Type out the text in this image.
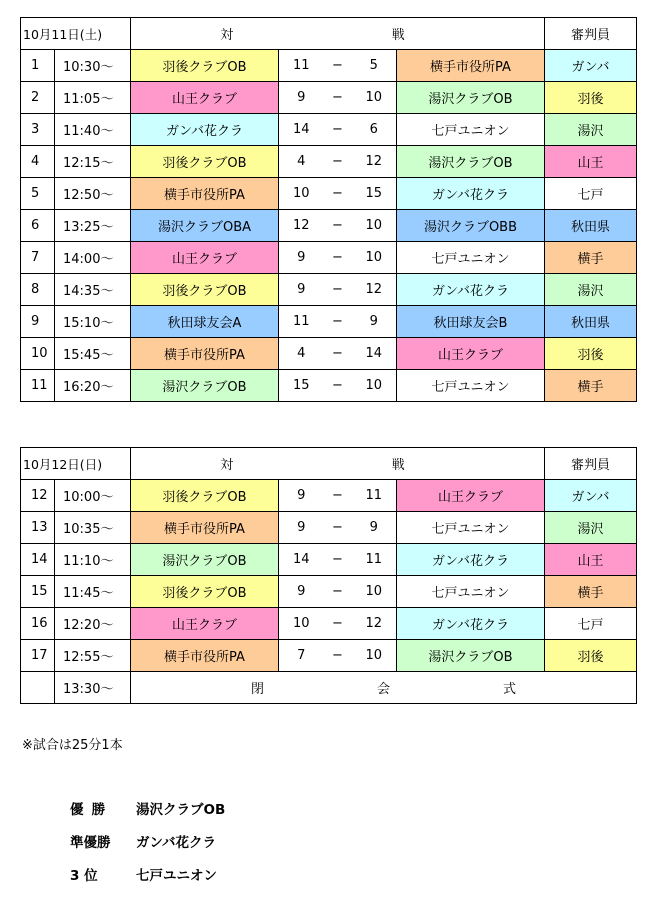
10月11日(土)		対 戦					審判員
1	10:30〜	羽後クラブOB	11	−	5	横手市役所PA	ガンバ
2	11:05〜	山王クラブ	9	−	10	湯沢クラブOB	羽後
3	11:40〜	ガンバ花クラ	14	−	6	七戸ユニオン	湯沢
4	12:15〜	羽後クラブOB	4	−	12	湯沢クラブOB	山王
5	12:50〜	横手市役所PA	10	−	15	ガンバ花クラ	七戸
6	13:25〜	湯沢クラブOBA	12	−	10	湯沢クラブOBB	秋田県
7	14:00〜	山王クラブ	9	−	10	七戸ユニオン	横手
8	14:35〜	羽後クラブOB	9	−	12	ガンバ花クラ	湯沢
9	15:10〜	秋田球友会A	11	−	9	秋田球友会B	秋田県
10	15:45〜	横手市役所PA	4	−	14	山王クラブ	羽後
11	16:20〜	湯沢クラブOB	15	−	10	七戸ユニオン	横手
10月12日(日)		対 戦					審判員
12	10:00〜	羽後クラブOB	9	−	11	山王クラブ	ガンバ
13	10:35〜	横手市役所PA	9	−	9	七戸ユニオン	湯沢
14	11:10〜	湯沢クラブOB	14	−	11	ガンバ花クラ	山王
15	11:45〜	羽後クラブOB	9	−	10	七戸ユニオン	横手
16	12:20〜	山王クラブ	10	−	12	ガンバ花クラ	七戸
17	12:55〜	横手市役所PA	7	−	10	湯沢クラブOB	羽後
	13:30〜	閉 会 式					
※試合は25分1本
優勝	湯沢クラブOB
準優勝	ガンバ花クラ
3 位	七戸ユニオン
